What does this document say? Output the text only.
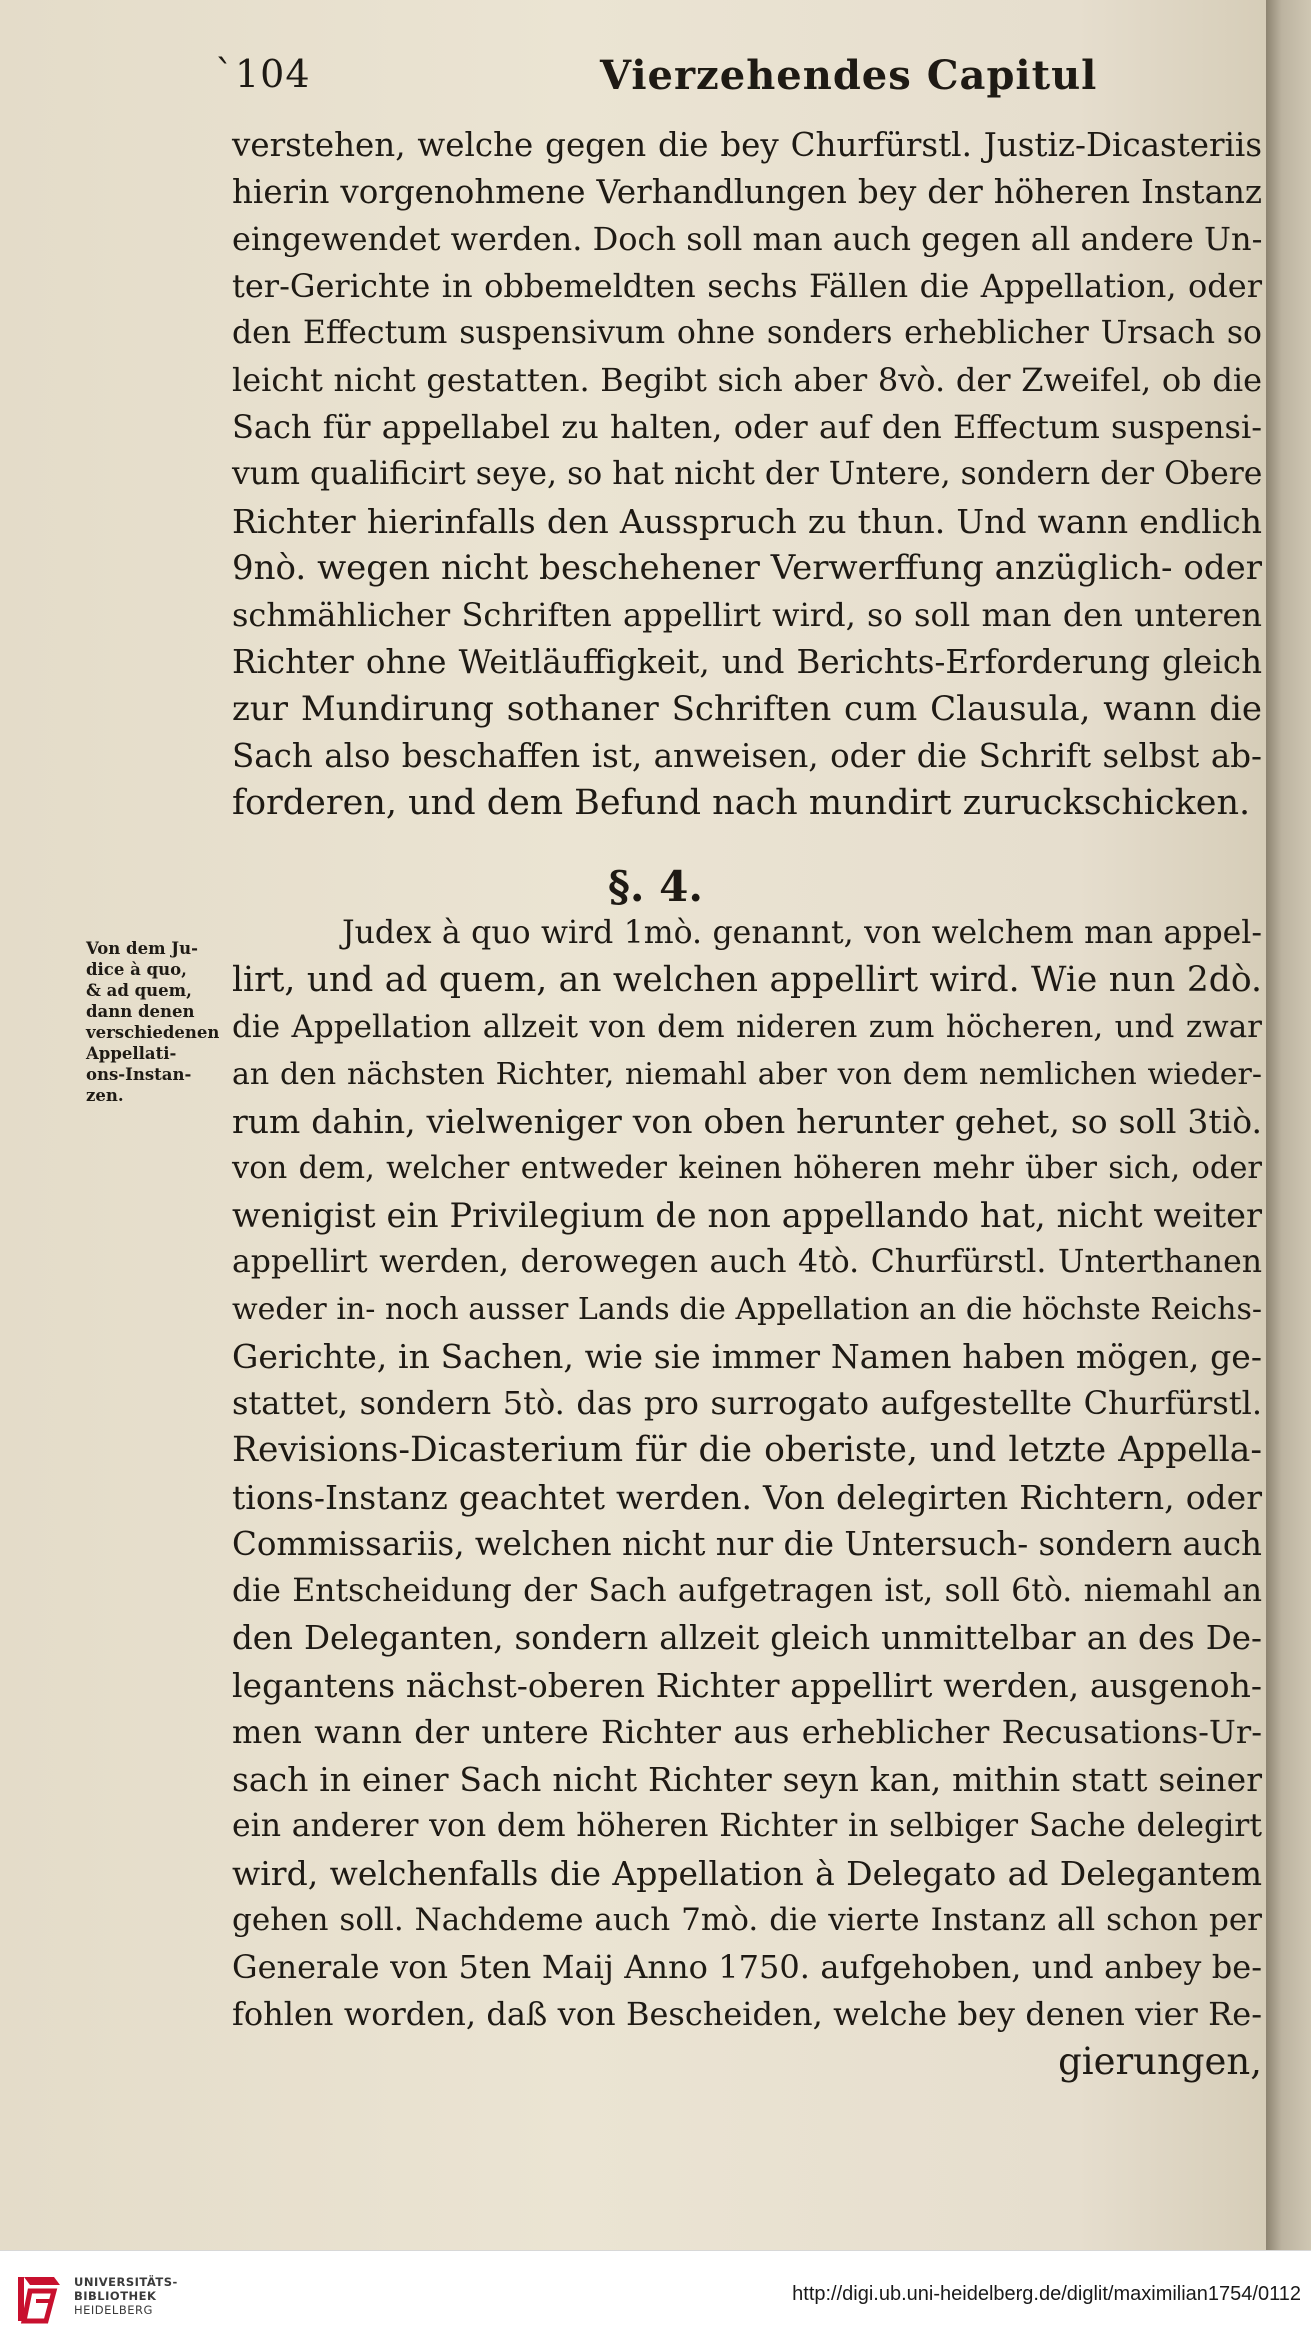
`104	Vierzehendes Capitul
verstehen, welche gegen die bey Churfürstl. Justiz-Dicasteriis
hierin vorgenohmene Verhandlungen bey der höheren Instanz
eingewendet werden. Doch soll man auch gegen all andere Un-
ter-Gerichte in obbemeldten sechs Fällen die Appellation, oder
den Effectum suspensivum ohne sonders erheblicher Ursach so
leicht nicht gestatten. Begibt sich aber 8vò. der Zweifel, ob die
Sach für appellabel zu halten, oder auf den Effectum suspensi-
vum qualificirt seye, so hat nicht der Untere, sondern der Obere
Richter hierinfalls den Ausspruch zu thun. Und wann endlich
9nò. wegen nicht beschehener Verwerffung anzüglich- oder
schmählicher Schriften appellirt wird, so soll man den unteren
Richter ohne Weitläuffigkeit, und Berichts-Erforderung gleich
zur Mundirung sothaner Schriften cum Clausula, wann die
Sach also beschaffen ist, anweisen, oder die Schrift selbst ab-
forderen, und dem Befund nach mundirt zuruckschicken.
§. 4.
Von dem Ju-
dice à quo,
& ad quem,
dann denen
verschiedenen
Appellati-
ons-Instan-
zen.
Judex à quo wird 1mò. genannt, von welchem man appel-
lirt, und ad quem, an welchen appellirt wird. Wie nun 2dò.
die Appellation allzeit von dem nideren zum höcheren, und zwar
an den nächsten Richter, niemahl aber von dem nemlichen wieder-
rum dahin, vielweniger von oben herunter gehet, so soll 3tiò.
von dem, welcher entweder keinen höheren mehr über sich, oder
wenigist ein Privilegium de non appellando hat, nicht weiter
appellirt werden, derowegen auch 4tò. Churfürstl. Unterthanen
weder in- noch ausser Lands die Appellation an die höchste Reichs-
Gerichte, in Sachen, wie sie immer Namen haben mögen, ge-
stattet, sondern 5tò. das pro surrogato aufgestellte Churfürstl.
Revisions-Dicasterium für die oberiste, und letzte Appella-
tions-Instanz geachtet werden. Von delegirten Richtern, oder
Commissariis, welchen nicht nur die Untersuch- sondern auch
die Entscheidung der Sach aufgetragen ist, soll 6tò. niemahl an
den Deleganten, sondern allzeit gleich unmittelbar an des De-
legantens nächst-oberen Richter appellirt werden, ausgenoh-
men wann der untere Richter aus erheblicher Recusations-Ur-
sach in einer Sach nicht Richter seyn kan, mithin statt seiner
ein anderer von dem höheren Richter in selbiger Sache delegirt
wird, welchenfalls die Appellation à Delegato ad Delegantem
gehen soll. Nachdeme auch 7mò. die vierte Instanz all schon per
Generale von 5ten Maij Anno 1750. aufgehoben, und anbey be-
fohlen worden, daß von Bescheiden, welche bey denen vier Re-
gierungen,
UNIVERSITÄTS-
BIBLIOTHEK
HEIDELBERG
http://digi.ub.uni-heidelberg.de/diglit/maximilian1754/0112
